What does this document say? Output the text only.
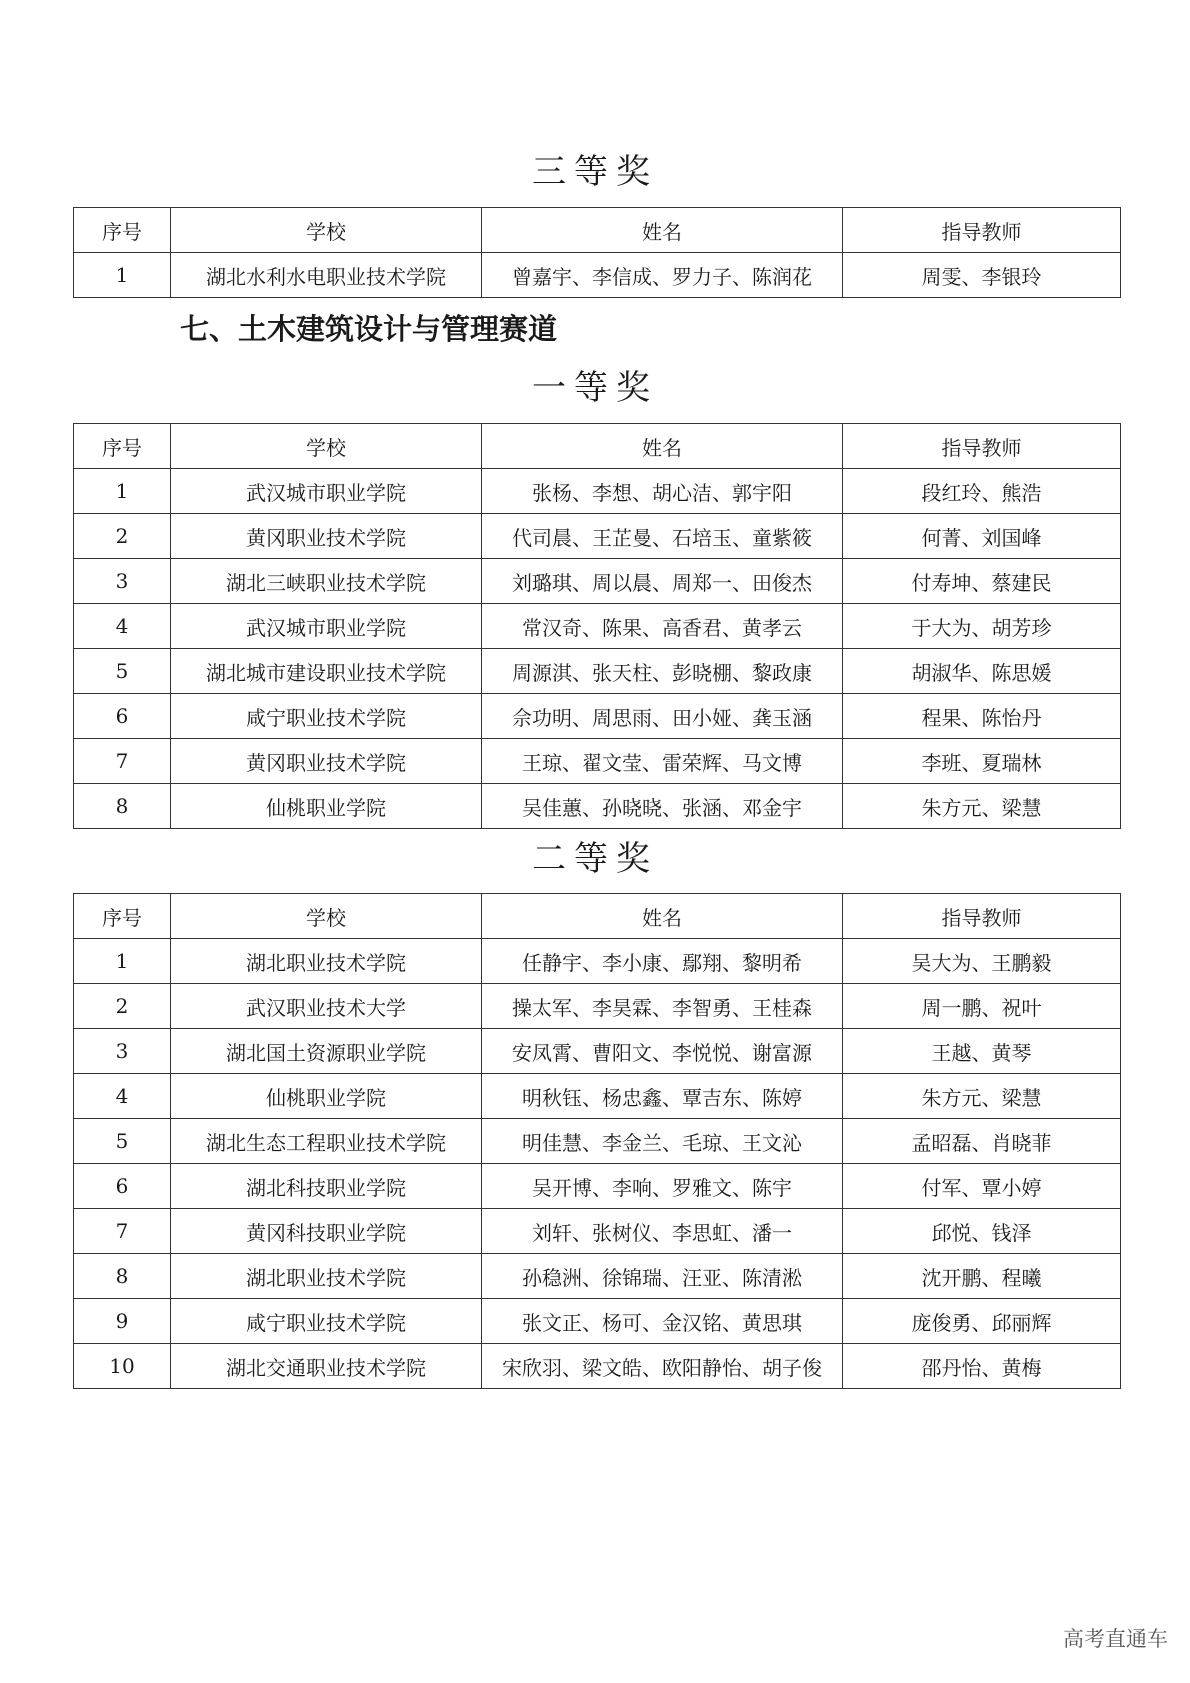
三等奖
序号	学校	姓名	指导教师
1	湖北水利水电职业技术学院	曾嘉宇、李信成、罗力子、陈润花	周雯、李银玲
七、土木建筑设计与管理赛道
一等奖
序号	学校	姓名	指导教师
1	武汉城市职业学院	张杨、李想、胡心洁、郭宇阳	段红玲、熊浩
2	黄冈职业技术学院	代司晨、王芷曼、石培玉、童紫筱	何菁、刘国峰
3	湖北三峡职业技术学院	刘璐琪、周以晨、周郑一、田俊杰	付寿坤、蔡建民
4	武汉城市职业学院	常汉奇、陈果、高香君、黄孝云	于大为、胡芳珍
5	湖北城市建设职业技术学院	周源淇、张天柱、彭晓棚、黎政康	胡淑华、陈思媛
6	咸宁职业技术学院	佘功明、周思雨、田小娅、龚玉涵	程果、陈怡丹
7	黄冈职业技术学院	王琼、翟文莹、雷荣辉、马文博	李班、夏瑞林
8	仙桃职业学院	吴佳蕙、孙晓晓、张涵、邓金宇	朱方元、梁慧
二等奖
序号	学校	姓名	指导教师
1	湖北职业技术学院	任静宇、李小康、鄢翔、黎明希	吴大为、王鹏毅
2	武汉职业技术大学	操太军、李昊霖、李智勇、王桂森	周一鹏、祝叶
3	湖北国土资源职业学院	安凤霄、曹阳文、李悦悦、谢富源	王越、黄琴
4	仙桃职业学院	明秋钰、杨忠鑫、覃吉东、陈婷	朱方元、梁慧
5	湖北生态工程职业技术学院	明佳慧、李金兰、毛琼、王文沁	孟昭磊、肖晓菲
6	湖北科技职业学院	吴开博、李响、罗雅文、陈宇	付军、覃小婷
7	黄冈科技职业学院	刘轩、张树仪、李思虹、潘一	邱悦、钱泽
8	湖北职业技术学院	孙稳洲、徐锦瑞、汪亚、陈清淞	沈开鹏、程曦
9	咸宁职业技术学院	张文正、杨可、金汉铭、黄思琪	庞俊勇、邱丽辉
10	湖北交通职业技术学院	宋欣羽、梁文皓、欧阳静怡、胡子俊	邵丹怡、黄梅
高考直通车
